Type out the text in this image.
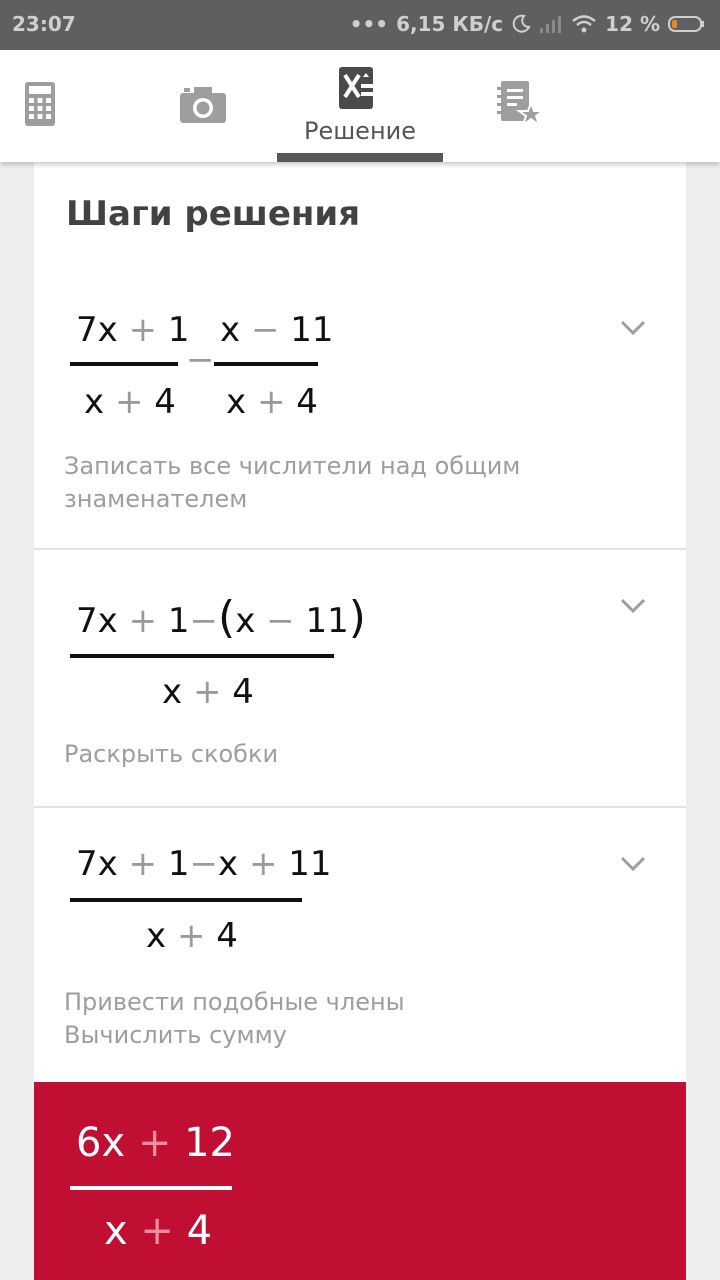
23:07	••• 6,15 КБ/с	12 %
Решение
Шаги решения
7x + 1
x + 4
−
x − 11
x + 4
Записать все числители над общим
знаменателем
7x + 1−(x − 11)
x + 4
Раскрыть скобки
7x + 1−x + 11
x + 4
Привести подобные члены
Вычислить сумму
6x + 12
x + 4
